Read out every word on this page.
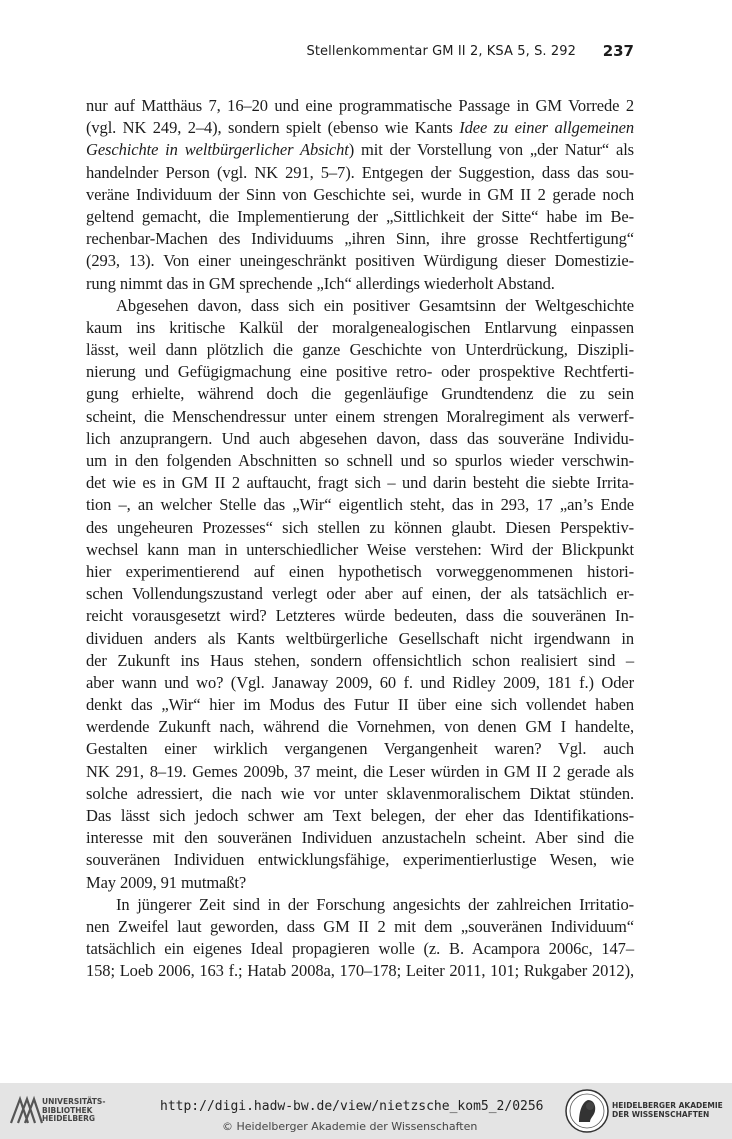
Stellenkommentar GM II 2, KSA 5, S. 292 237
nur auf Matthäus 7, 16–20 und eine programmatische Passage in GM Vorrede 2
(vgl. NK 249, 2–4), sondern spielt (ebenso wie Kants Idee zu einer allgemeinen
Geschichte in weltbürgerlicher Absicht) mit der Vorstellung von „der Natur“ als
handelnder Person (vgl. NK 291, 5–7). Entgegen der Suggestion, dass das sou-
veräne Individuum der Sinn von Geschichte sei, wurde in GM II 2 gerade noch
geltend gemacht, die Implementierung der „Sittlichkeit der Sitte“ habe im Be-
rechenbar-Machen des Individuums „ihren Sinn, ihre grosse Rechtfertigung“
(293, 13). Von einer uneingeschränkt positiven Würdigung dieser Domestizie-
rung nimmt das in GM sprechende „Ich“ allerdings wiederholt Abstand.
Abgesehen davon, dass sich ein positiver Gesamtsinn der Weltgeschichte
kaum ins kritische Kalkül der moralgenealogischen Entlarvung einpassen
lässt, weil dann plötzlich die ganze Geschichte von Unterdrückung, Diszipli-
nierung und Gefügigmachung eine positive retro- oder prospektive Rechtferti-
gung erhielte, während doch die gegenläufige Grundtendenz die zu sein
scheint, die Menschendressur unter einem strengen Moralregiment als verwerf-
lich anzuprangern. Und auch abgesehen davon, dass das souveräne Individu-
um in den folgenden Abschnitten so schnell und so spurlos wieder verschwin-
det wie es in GM II 2 auftaucht, fragt sich – und darin besteht die siebte Irrita-
tion –, an welcher Stelle das „Wir“ eigentlich steht, das in 293, 17 „an’s Ende
des ungeheuren Prozesses“ sich stellen zu können glaubt. Diesen Perspektiv-
wechsel kann man in unterschiedlicher Weise verstehen: Wird der Blickpunkt
hier experimentierend auf einen hypothetisch vorweggenommenen histori-
schen Vollendungszustand verlegt oder aber auf einen, der als tatsächlich er-
reicht vorausgesetzt wird? Letzteres würde bedeuten, dass die souveränen In-
dividuen anders als Kants weltbürgerliche Gesellschaft nicht irgendwann in
der Zukunft ins Haus stehen, sondern offensichtlich schon realisiert sind –
aber wann und wo? (Vgl. Janaway 2009, 60 f. und Ridley 2009, 181 f.) Oder
denkt das „Wir“ hier im Modus des Futur II über eine sich vollendet haben
werdende Zukunft nach, während die Vornehmen, von denen GM I handelte,
Gestalten einer wirklich vergangenen Vergangenheit waren? Vgl. auch
NK 291, 8–19. Gemes 2009b, 37 meint, die Leser würden in GM II 2 gerade als
solche adressiert, die nach wie vor unter sklavenmoralischem Diktat stünden.
Das lässt sich jedoch schwer am Text belegen, der eher das Identifikations-
interesse mit den souveränen Individuen anzustacheln scheint. Aber sind die
souveränen Individuen entwicklungsfähige, experimentierlustige Wesen, wie
May 2009, 91 mutmaßt?
In jüngerer Zeit sind in der Forschung angesichts der zahlreichen Irritatio-
nen Zweifel laut geworden, dass GM II 2 mit dem „souveränen Individuum“
tatsächlich ein eigenes Ideal propagieren wolle (z. B. Acampora 2006c, 147–
158; Loeb 2006, 163 f.; Hatab 2008a, 170–178; Leiter 2011, 101; Rukgaber 2012),
UNIVERSITÄTS-
BIBLIOTHEK
HEIDELBERG
http://digi.hadw-bw.de/view/nietzsche_kom5_2/0256
© Heidelberger Akademie der Wissenschaften
HEIDELBERGER AKADEMIE
DER WISSENSCHAFTEN
